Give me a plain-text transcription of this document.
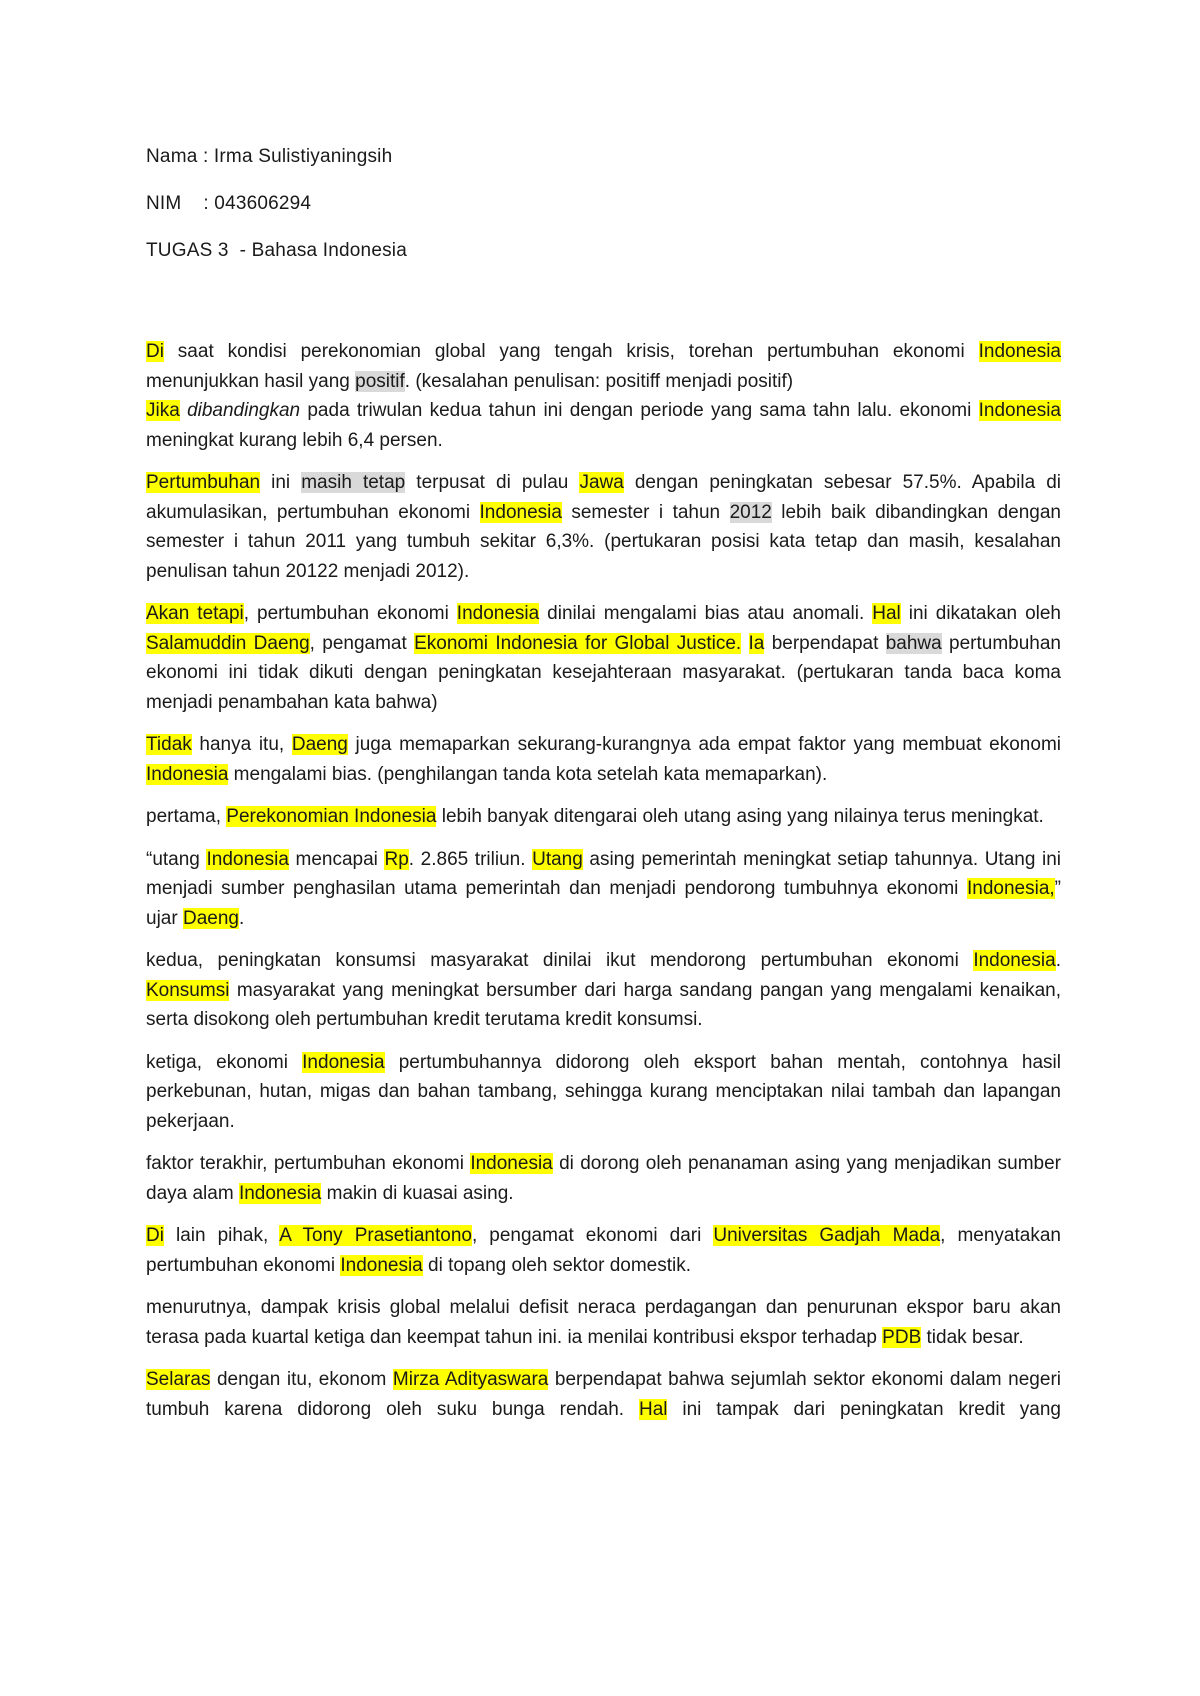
Nama : Irma Sulistiyaningsih
NIM    : 043606294
TUGAS 3  - Bahasa Indonesia

Di saat kondisi perekonomian global yang tengah krisis, torehan pertumbuhan ekonomi Indonesia menunjukkan hasil yang positif. (kesalahan penulisan: positiff menjadi positif)

Jika dibandingkan pada triwulan kedua tahun ini dengan periode yang sama tahn lalu. ekonomi Indonesia meningkat kurang lebih 6,4 persen.

Pertumbuhan ini masih tetap terpusat di pulau Jawa dengan peningkatan sebesar 57.5%. Apabila di akumulasikan, pertumbuhan ekonomi Indonesia semester i tahun 2012 lebih baik dibandingkan dengan semester i tahun 2011 yang tumbuh sekitar 6,3%. (pertukaran posisi kata tetap dan masih, kesalahan penulisan tahun 20122 menjadi 2012).

Akan tetapi, pertumbuhan ekonomi Indonesia dinilai mengalami bias atau anomali. Hal ini dikatakan oleh Salamuddin Daeng, pengamat Ekonomi Indonesia for Global Justice. Ia berpendapat bahwa pertumbuhan ekonomi ini tidak dikuti dengan peningkatan kesejahteraan masyarakat. (pertukaran tanda baca koma menjadi penambahan kata bahwa)

Tidak hanya itu, Daeng juga memaparkan sekurang-kurangnya ada empat faktor yang membuat ekonomi Indonesia mengalami bias. (penghilangan tanda kota setelah kata memaparkan).

pertama, Perekonomian Indonesia lebih banyak ditengarai oleh utang asing yang nilainya terus meningkat.

“utang Indonesia mencapai Rp. 2.865 triliun. Utang asing pemerintah meningkat setiap tahunnya. Utang ini menjadi sumber penghasilan utama pemerintah dan menjadi pendorong tumbuhnya ekonomi Indonesia,” ujar Daeng.

kedua, peningkatan konsumsi masyarakat dinilai ikut mendorong pertumbuhan ekonomi Indonesia. Konsumsi masyarakat yang meningkat bersumber dari harga sandang pangan yang mengalami kenaikan, serta disokong oleh pertumbuhan kredit terutama kredit konsumsi.

ketiga, ekonomi Indonesia pertumbuhannya didorong oleh eksport bahan mentah, contohnya hasil perkebunan, hutan, migas dan bahan tambang, sehingga kurang menciptakan nilai tambah dan lapangan pekerjaan.

faktor terakhir, pertumbuhan ekonomi Indonesia di dorong oleh penanaman asing yang menjadikan sumber daya alam Indonesia makin di kuasai asing.

Di lain pihak, A Tony Prasetiantono, pengamat ekonomi dari Universitas Gadjah Mada, menyatakan pertumbuhan ekonomi Indonesia di topang oleh sektor domestik.

menurutnya, dampak krisis global melalui defisit neraca perdagangan dan penurunan ekspor baru akan terasa pada kuartal ketiga dan keempat tahun ini. ia menilai kontribusi ekspor terhadap PDB tidak besar.

Selaras dengan itu, ekonom Mirza Adityaswara berpendapat bahwa sejumlah sektor ekonomi dalam negeri tumbuh karena didorong oleh suku bunga rendah. Hal ini tampak dari peningkatan kredit yang
